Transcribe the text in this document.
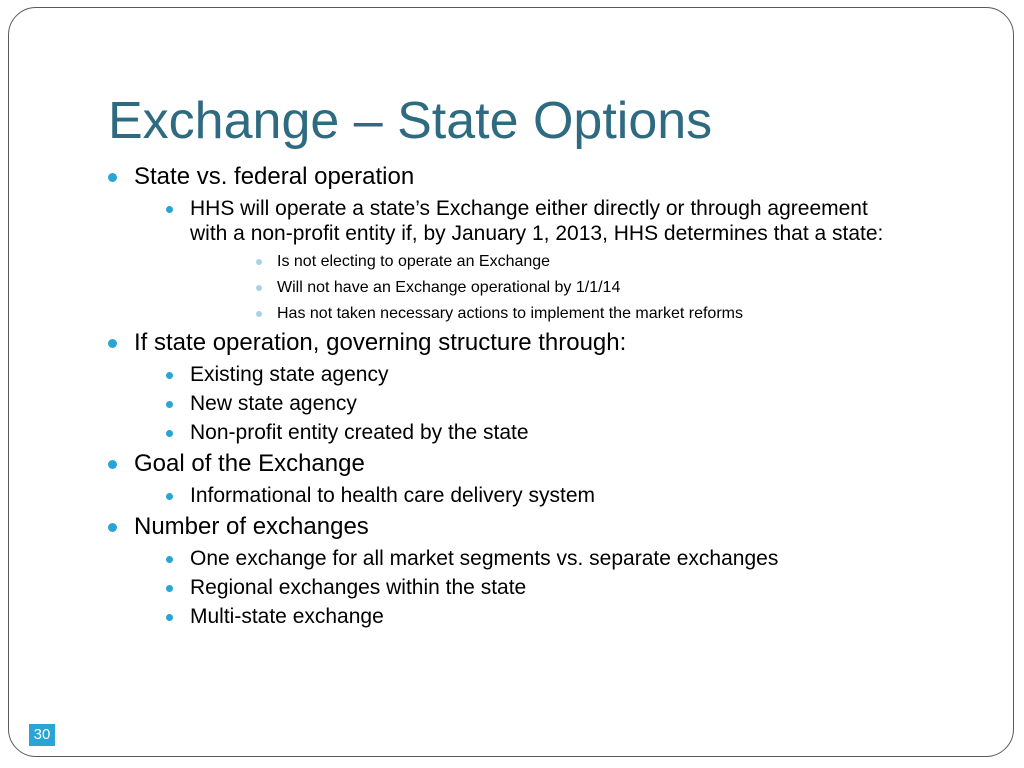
Exchange – State Options
State vs. federal operation
HHS will operate a state’s Exchange either directly or through agreement with a non-profit entity if, by January 1, 2013, HHS determines that a state:
Is not electing to operate an Exchange
Will not have an Exchange operational by 1/1/14
Has not taken necessary actions to implement the market reforms
If state operation, governing structure through:
Existing state agency
New state agency
Non-profit entity created by the state
Goal of the Exchange
Informational to health care delivery system
Number of exchanges
One exchange for all market segments vs. separate exchanges
Regional exchanges within the state
Multi-state exchange
30
